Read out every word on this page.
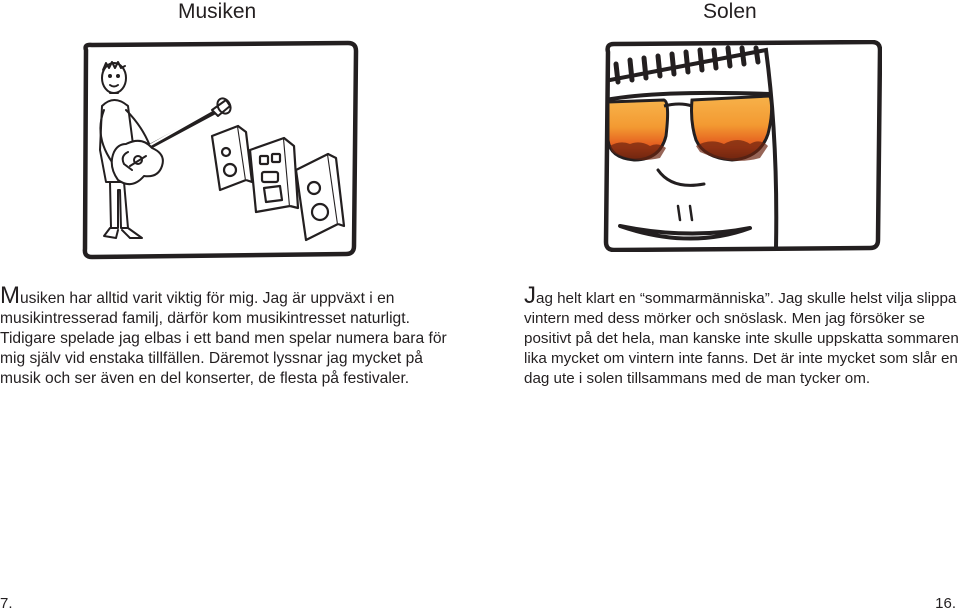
Musiken

Musiken har alltid varit viktig för mig. Jag är uppväxt i en musikintresserad familj, därför kom musikintresset naturligt. Tidigare spelade jag elbas i ett band men spelar numera bara för mig själv vid enstaka tillfällen. Däremot lyssnar jag mycket på musik och ser även en del konserter, de flesta på festivaler.

7.
Solen

Jag helt klart en “sommarmänniska”. Jag skulle helst vilja slippa vintern med dess mörker och snöslask. Men jag försöker se positivt på det hela, man kanske inte skulle uppskatta sommaren lika mycket om vintern inte fanns. Det är inte mycket som slår en dag ute i solen tillsammans med de man tycker om.

16.
